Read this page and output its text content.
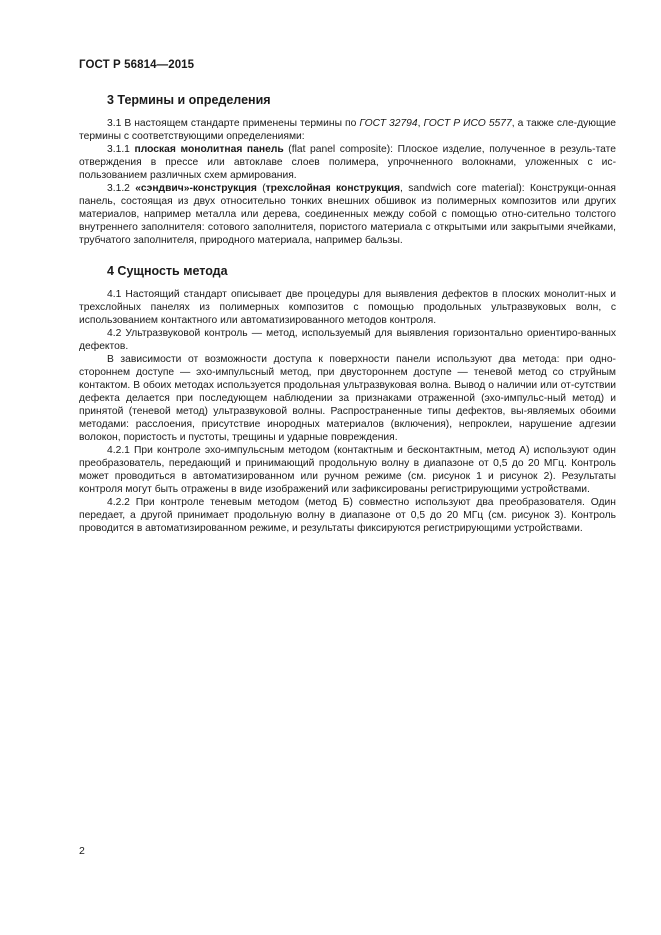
ГОСТ Р 56814—2015
3 Термины и определения

3.1 В настоящем стандарте применены термины по ГОСТ 32794, ГОСТ Р ИСО 5577, а также сле-дующие термины с соответствующими определениями:

3.1.1 плоская монолитная панель (flat panel composite): Плоское изделие, полученное в резуль-тате отверждения в прессе или автоклаве слоев полимера, упрочненного волокнами, уложенных с ис-пользованием различных схем армирования.

3.1.2 «сэндвич»-конструкция (трехслойная конструкция, sandwich core material): Конструкци-онная панель, состоящая из двух относительно тонких внешних обшивок из полимерных композитов или других материалов, например металла или дерева, соединенных между собой с помощью отно-сительно толстого внутреннего заполнителя: сотового заполнителя, пористого материала с открытыми или закрытыми ячейками, трубчатого заполнителя, природного материала, например бальзы.

4 Сущность метода

4.1 Настоящий стандарт описывает две процедуры для выявления дефектов в плоских монолит-ных и трехслойных панелях из полимерных композитов с помощью продольных ультразвуковых волн, с использованием контактного или автоматизированного методов контроля.

4.2 Ультразвуковой контроль — метод, используемый для выявления горизонтально ориентиро-ванных дефектов.

В зависимости от возможности доступа к поверхности панели используют два метода: при одно-стороннем доступе — эхо-импульсный метод, при двустороннем доступе — теневой метод со струйным контактом. В обоих методах используется продольная ультразвуковая волна. Вывод о наличии или от-сутствии дефекта делается при последующем наблюдении за признаками отраженной (эхо-импульс-ный метод) и принятой (теневой метод) ультразвуковой волны. Распространенные типы дефектов, вы-являемых обоими методами: расслоения, присутствие инородных материалов (включения), непроклеи, нарушение адгезии волокон, пористость и пустоты, трещины и ударные повреждения.

4.2.1 При контроле эхо-импульсным методом (контактным и бесконтактным, метод А) используют один преобразователь, передающий и принимающий продольную волну в диапазоне от 0,5 до 20 МГц. Контроль может проводиться в автоматизированном или ручном режиме (см. рисунок 1 и рисунок 2). Результаты контроля могут быть отражены в виде изображений или зафиксированы регистрирующими устройствами.

4.2.2 При контроле теневым методом (метод Б) совместно используют два преобразователя. Один передает, а другой принимает продольную волну в диапазоне от 0,5 до 20 МГц (см. рисунок 3). Контроль проводится в автоматизированном режиме, и результаты фиксируются регистрирующими устройствами.

2
